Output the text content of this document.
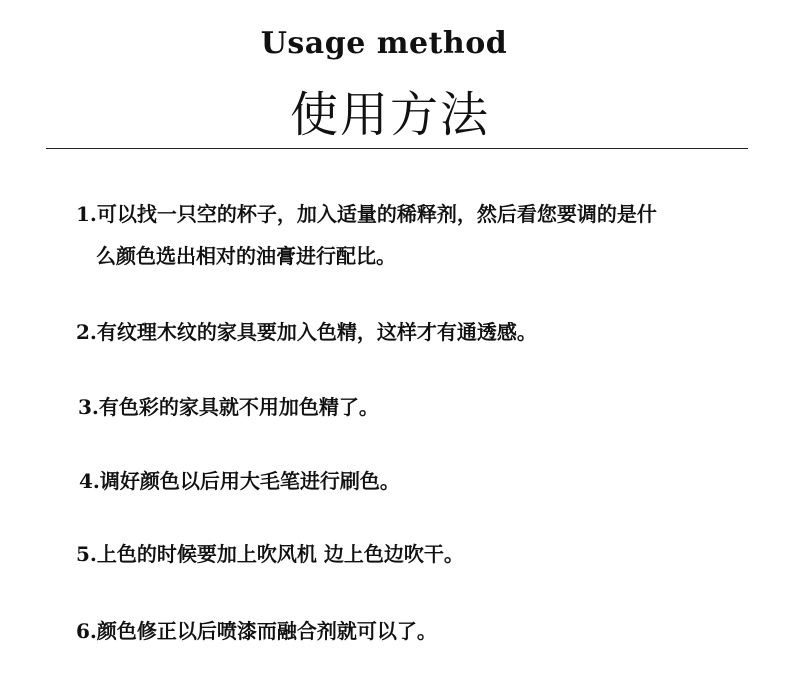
Usage method
使用方法
1.可以找一只空的杯子，加入适量的稀释剂，然后看您要调的是什
么颜色选出相对的油膏进行配比。
2.有纹理木纹的家具要加入色精，这样才有通透感。
3.有色彩的家具就不用加色精了。
4.调好颜色以后用大毛笔进行刷色。
5.上色的时候要加上吹风机 边上色边吹干。
6.颜色修正以后喷漆而融合剂就可以了。
